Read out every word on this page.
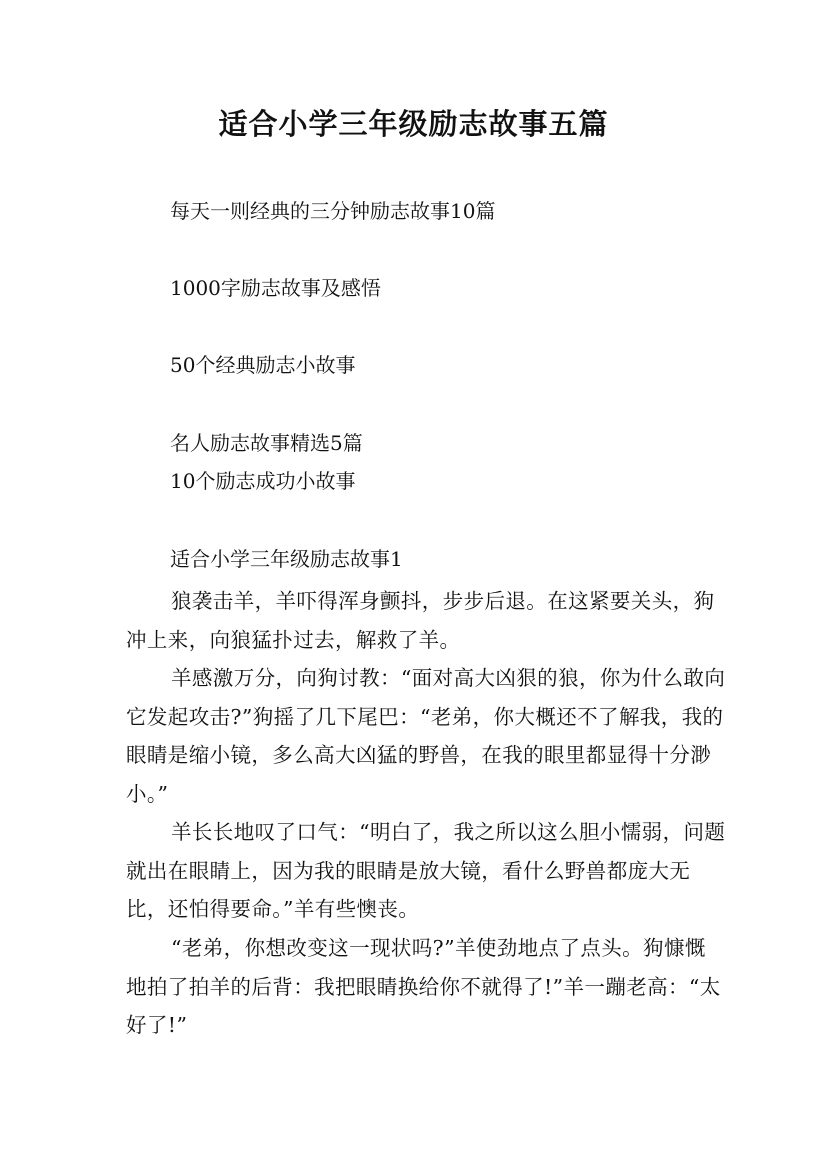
适合小学三年级励志故事五篇
每天一则经典的三分钟励志故事10篇
1000字励志故事及感悟
50个经典励志小故事
名人励志故事精选5篇
10个励志成功小故事
适合小学三年级励志故事1

狼袭击羊，羊吓得浑身颤抖，步步后退。在这紧要关头，狗冲上来，向狼猛扑过去，解救了羊。

羊感激万分，向狗讨教：“面对高大凶狠的狼，你为什么敢向它发起攻击?”狗摇了几下尾巴：“老弟，你大概还不了解我，我的眼睛是缩小镜，多么高大凶猛的野兽，在我的眼里都显得十分渺小。”

羊长长地叹了口气：“明白了，我之所以这么胆小懦弱，问题就出在眼睛上，因为我的眼睛是放大镜，看什么野兽都庞大无比，还怕得要命。”羊有些懊丧。

“老弟，你想改变这一现状吗?”羊使劲地点了点头。狗慷慨地拍了拍羊的后背：我把眼睛换给你不就得了!”羊一蹦老高：“太好了!”
